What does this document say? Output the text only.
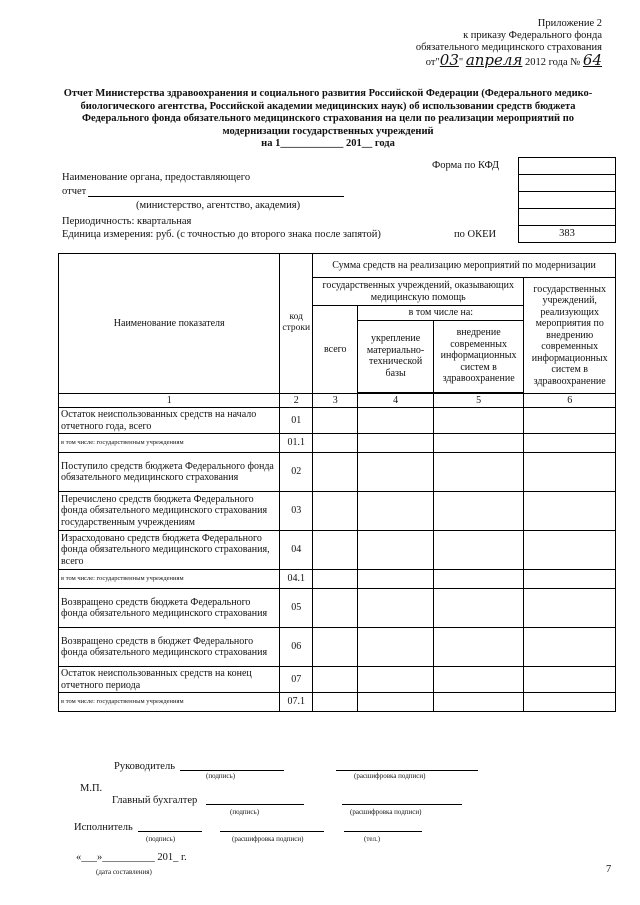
Приложение 2
к приказу Федерального фонда
обязательного медицинского страхования
от"03" апреля 2012 года № 64
Отчет Министерства здравоохранения и социального развития Российской Федерации (Федерального медико-
биологического агентства, Российской академии медицинских наук) об использовании средств бюджета
Федерального фонда обязательного медицинского страхования на цели по реализации мероприятий по
модернизации государственных учреждений
на 1____________ 201__ года
Форма по КФД
383
Наименование органа, предоставляющего
отчет
(министерство, агентство, академия)
Периодичность: квартальная
Единица измерения: руб. (с точностью до второго знака после запятой)	по ОКЕИ
Наименование показателя	код строки	Сумма средств на реализацию мероприятий по модернизации			
		государственных учреждений, оказывающих медицинскую помощь			государственных учреждений, реализующих мероприятия по внедрению современных информационных систем в здравоохранение
		всего	в том числе на:		
			укрепление материально-технической базы	внедрение современных информационных систем в здравоохранение	

1	2	3	4	5	6
Остаток неиспользованных средств на начало отчетного года, всего	01				
в том числе: государственным учреждениям	01.1				
Поступило средств бюджета Федерального фонда обязательного медицинского страхования	02				
Перечислено средств бюджета Федерального фонда обязательного медицинского страхования государственным учреждениям	03				
Израсходовано средств бюджета Федерального фонда обязательного медицинского страхования, всего	04				
в том числе: государственным учреждениям	04.1				
Возвращено средств бюджета Федерального фонда обязательного медицинского страхования	05				
Возвращено средств в бюджет Федерального фонда обязательного медицинского страхования	06				
Остаток неиспользованных средств на конец отчетного периода	07				
в том числе: государственным учреждениям	07.1				
Руководитель
(подпись)	(расшифровка подписи)
М.П.
Главный бухгалтер
(подпись)	(расшифровка подписи)
Исполнитель
(подпись)	(расшифровка подписи)	(тел.)
«___»__________ 201_ г.
(дата составления)	7
